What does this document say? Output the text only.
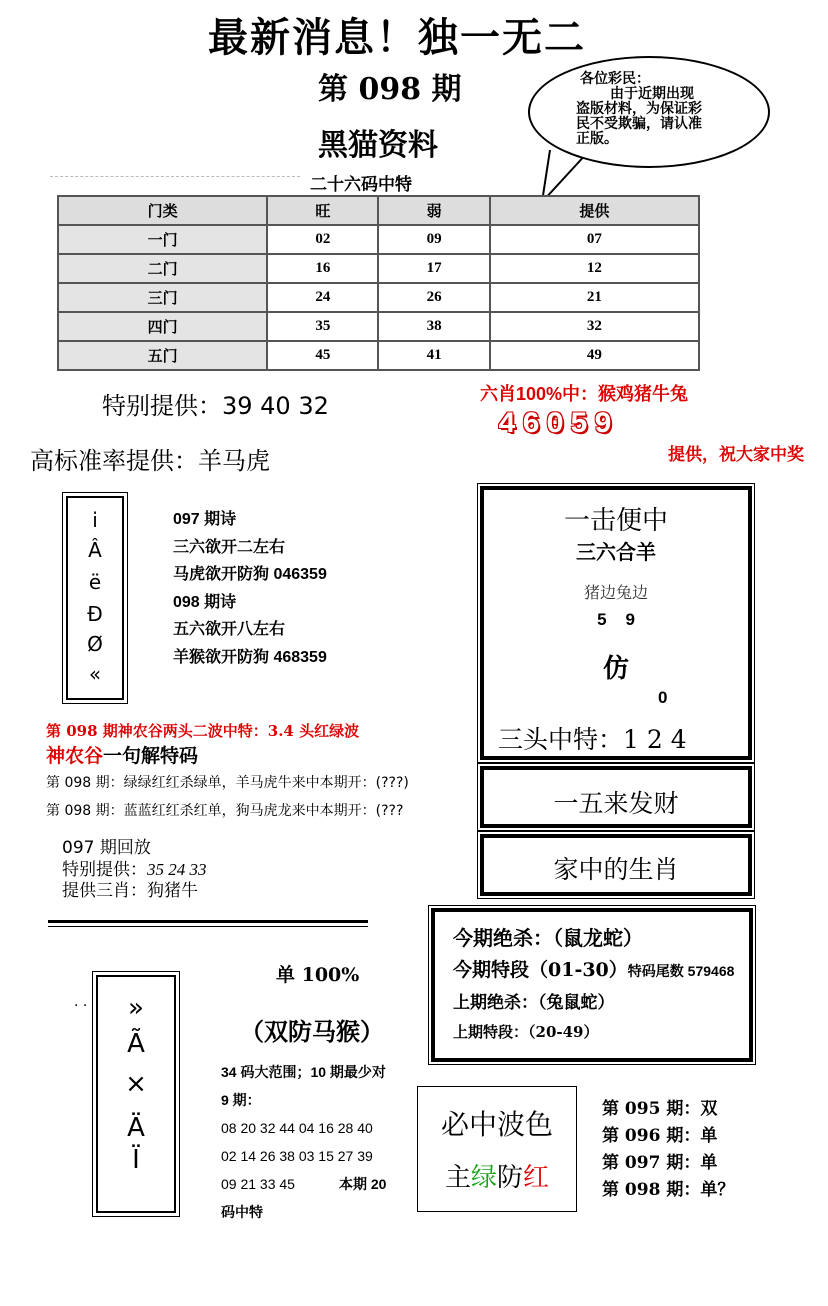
最新消息！独一无二
第 098 期
黑猫资料
各位彩民：
由于近期出现
盗版材料，为保证彩
民不受欺骗，请认准
正版。
二十六码中特
门类	旺	弱	提供
一门	02	09	07
二门	16	17	12
三门	24	26	21
四门	35	38	32
五门	45	41	49
特别提供：39 40 32
高标准率提供：羊马虎
六肖100%中：猴鸡猪牛兔
46059
提供，祝大家中奖
ⅰ
Â
ë
Ð
Ø
«
097 期诗
三六欲开二左右
马虎欲开防狗 046359
098 期诗
五六欲开八左右
羊猴欲开防狗 468359
第 098 期神农谷两头二波中特：3.4 头红绿波
神农谷一句解特码
第 098 期：绿绿红红杀绿单，羊马虎牛来中本期开：(???)
第 098 期：蓝蓝红红杀红单，狗马虎龙来中本期开：(???
097 期回放
特别提供：35 24 33
提供三肖：狗猪牛
一击便中
三六合羊
猪边兔边
5    9
仿
0
三头中特：1 2 4
一五来发财
家中的生肖
今期绝杀：（鼠龙蛇）
今期特段（01-30）特码尾数 579468
上期绝杀：（兔鼠蛇）
上期特段：（20-49）
. .	»
Ã
×
Ä
Ï
单 100%
（双防马猴）
34 码大范围；10 期最少对
9 期：
08 20 32 44 04 16 28 40
02 14 26 38 03 15 27 39
09 21 33 45	本期 20
码中特
必中波色
主绿防红
第 095 期：双
第 096 期：单
第 097 期：单
第 098 期：单？
